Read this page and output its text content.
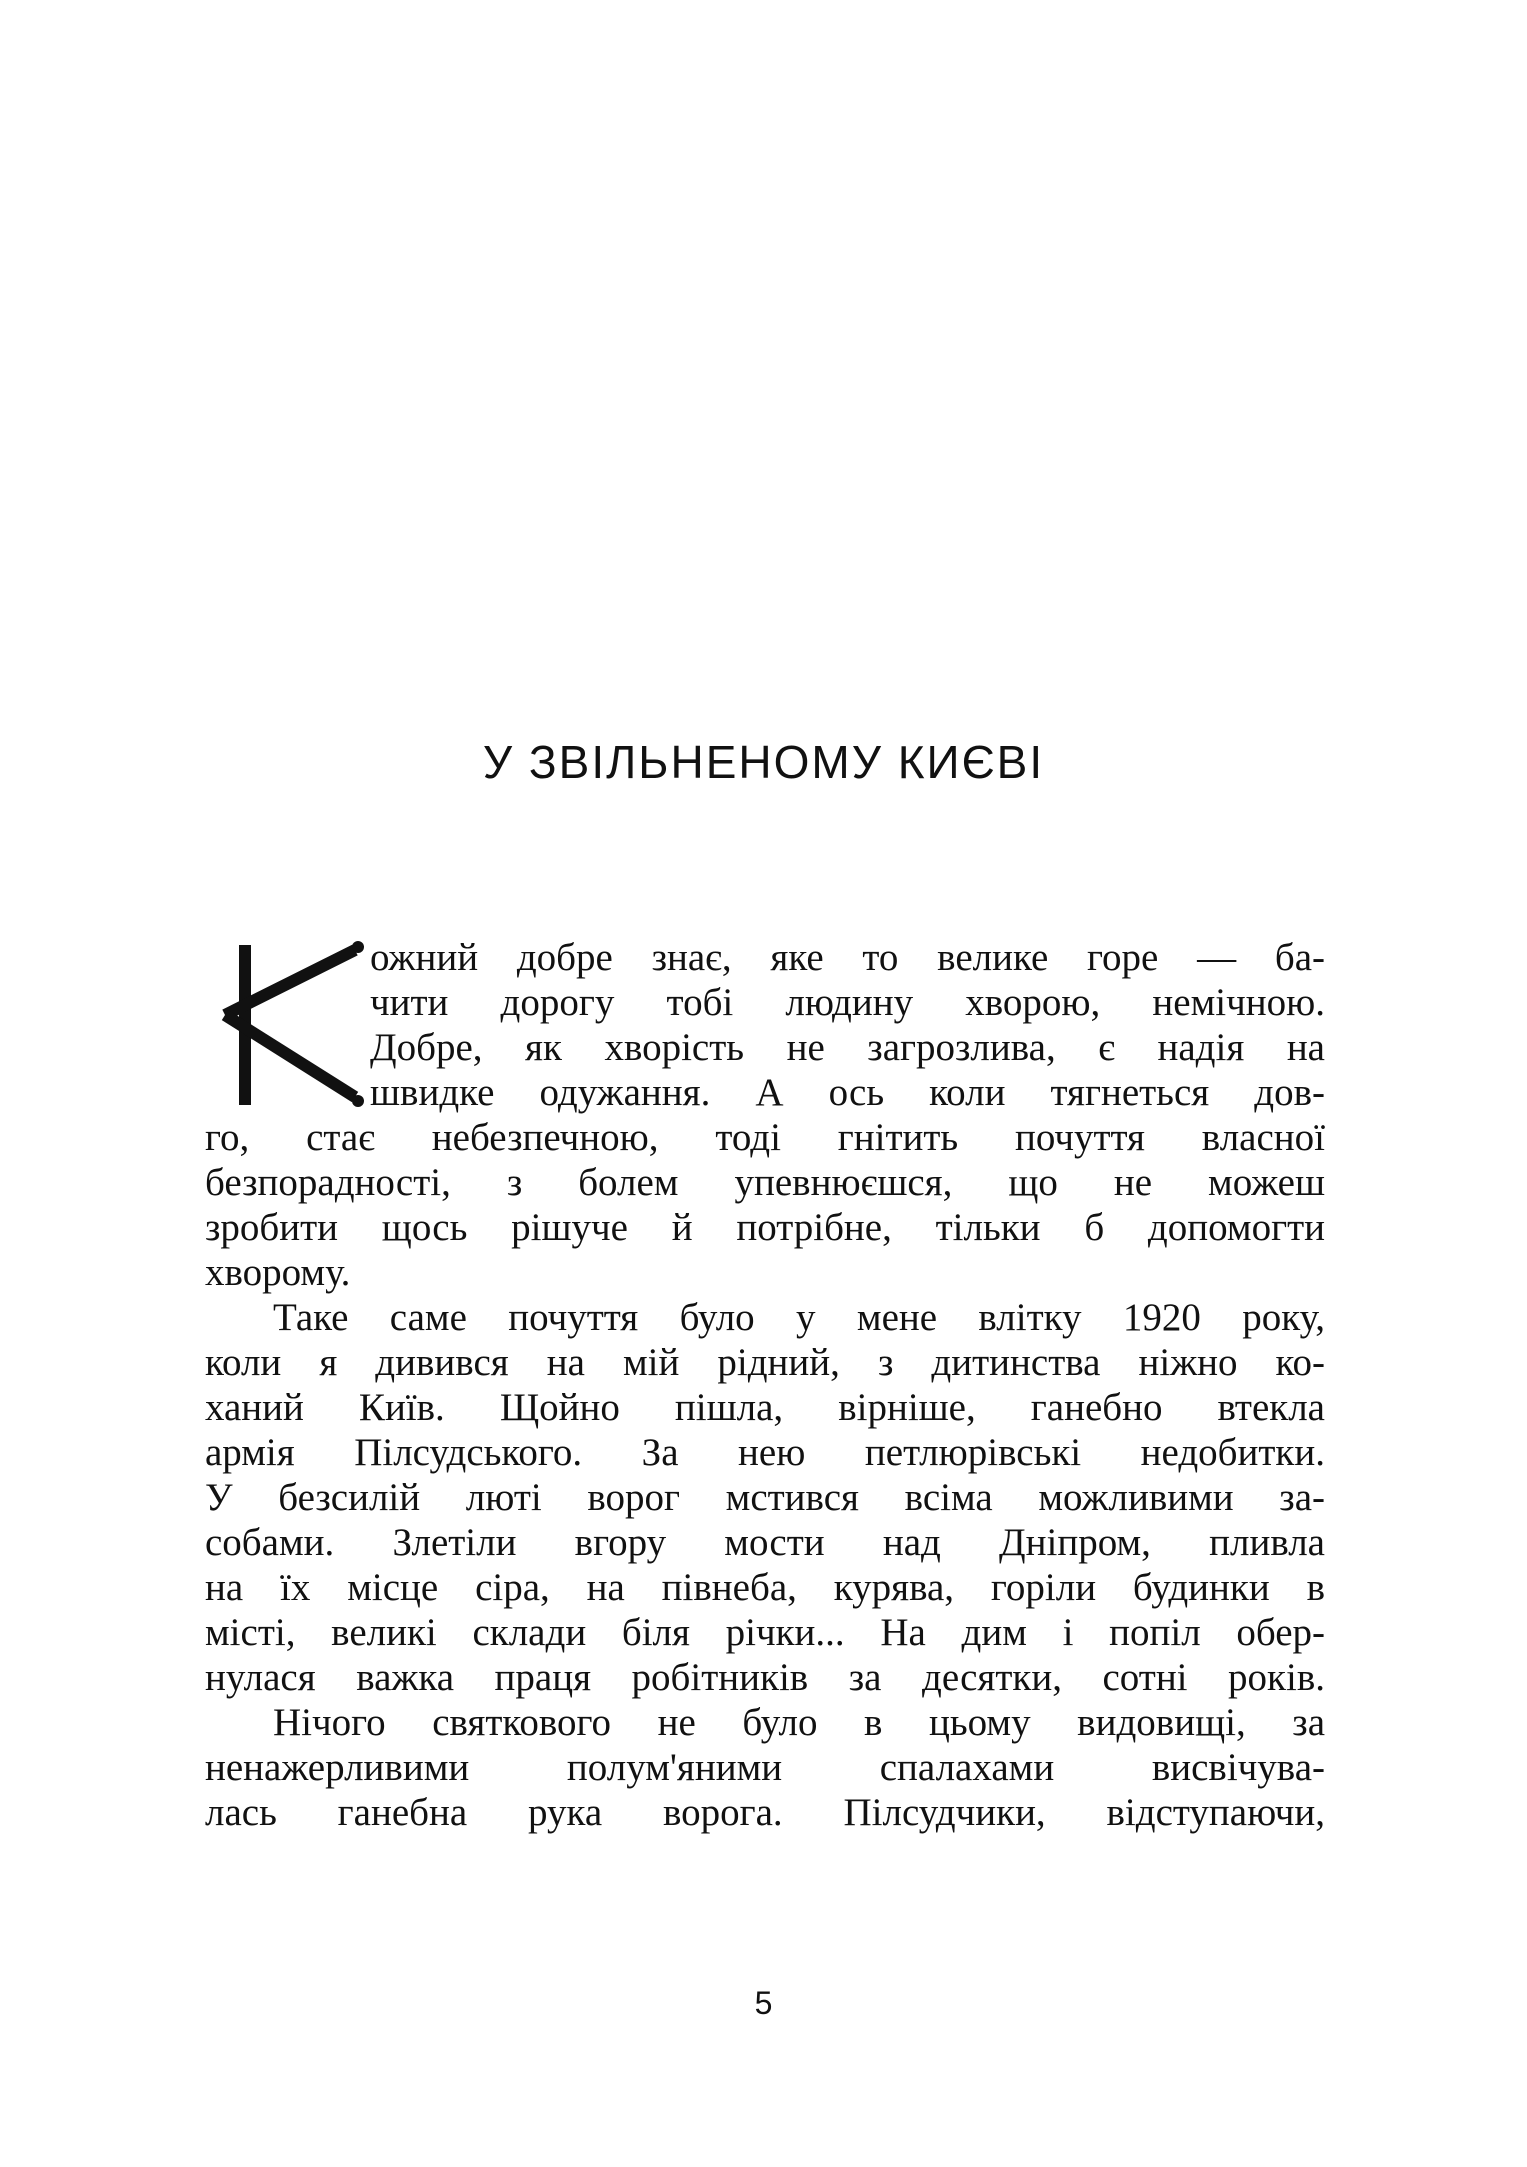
У ЗВІЛЬНЕНОМУ КИЄВІ
ожний добре знає, яке то велике горе — ба-
чити дорогу тобі людину хворою, немічною.
Добре, як хворість не загрозлива, є надія на
швидке одужання. А ось коли тягнеться дов-
го, стає небезпечною, тоді гнітить почуття власної
безпорадності, з болем упевнюєшся, що не можеш
зробити щось рішуче й потрібне, тільки б допомогти
хворому.
Таке саме почуття було у мене влітку 1920 року,
коли я дивився на мій рідний, з дитинства ніжно ко-
ханий Київ. Щойно пішла, вірніше, ганебно втекла
армія Пілсудського. За нею петлюрівські недобитки.
У безсилій люті ворог мстився всіма можливими за-
собами. Злетіли вгору мости над Дніпром, пливла
на їх місце сіра, на півнеба, курява, горіли будинки в
місті, великі склади біля річки... На дим і попіл обер-
нулася важка праця робітників за десятки, сотні років.
Нічого святкового не було в цьому видовищі, за
ненажерливими полум'яними спалахами висвічува-
лась ганебна рука ворога. Пілсудчики, відступаючи,

5
